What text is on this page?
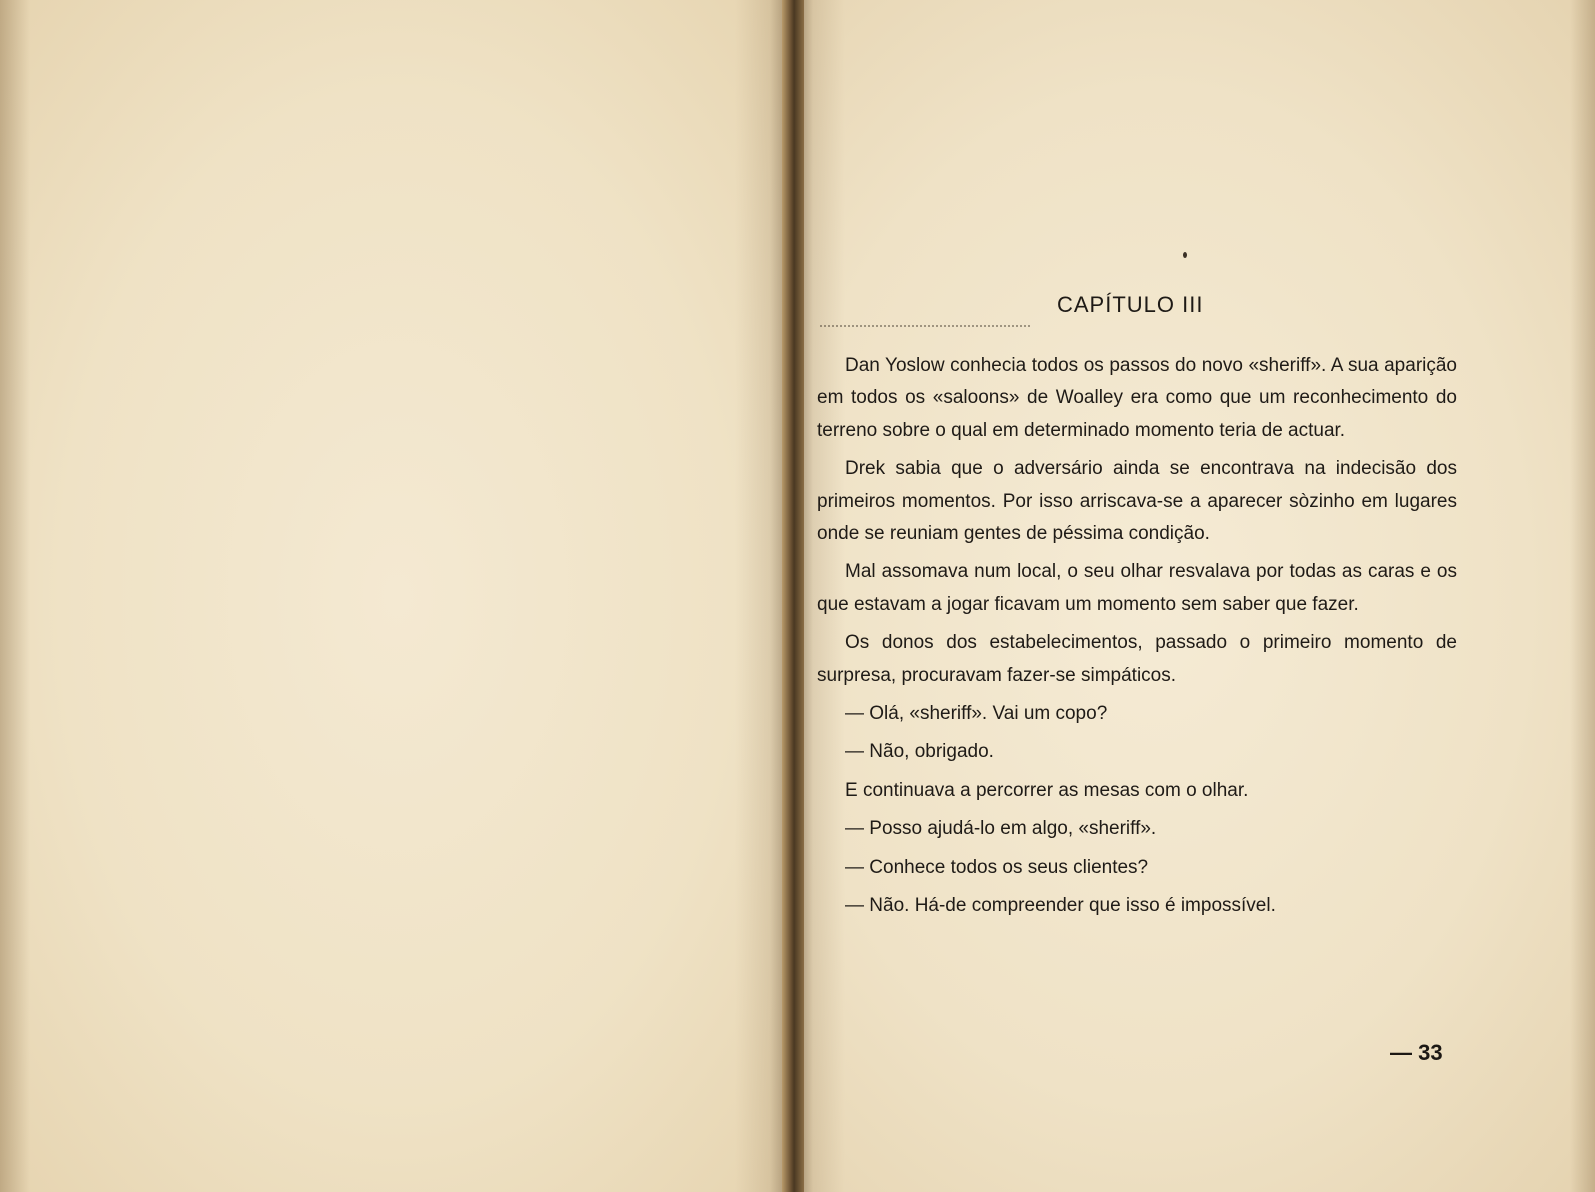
CAPÍTULO III

Dan Yoslow conhecia todos os passos do novo «sheriff». A sua aparição em todos os «saloons» de Woalley era como que um reconhecimento do terreno sobre o qual em determinado momento teria de actuar.

Drek sabia que o adversário ainda se encontrava na indecisão dos primeiros momentos. Por isso arriscava-se a aparecer sòzinho em lugares onde se reuniam gentes de péssima condição.

Mal assomava num local, o seu olhar resvalava por todas as caras e os que estavam a jogar ficavam um momento sem saber que fazer.

Os donos dos estabelecimentos, passado o primeiro momento de surpresa, procuravam fazer-se simpáticos.

— Olá, «sheriff». Vai um copo?

— Não, obrigado.

E continuava a percorrer as mesas com o olhar.

— Posso ajudá-lo em algo, «sheriff».

— Conhece todos os seus clientes?

— Não. Há-de compreender que isso é impossível.

— 33
